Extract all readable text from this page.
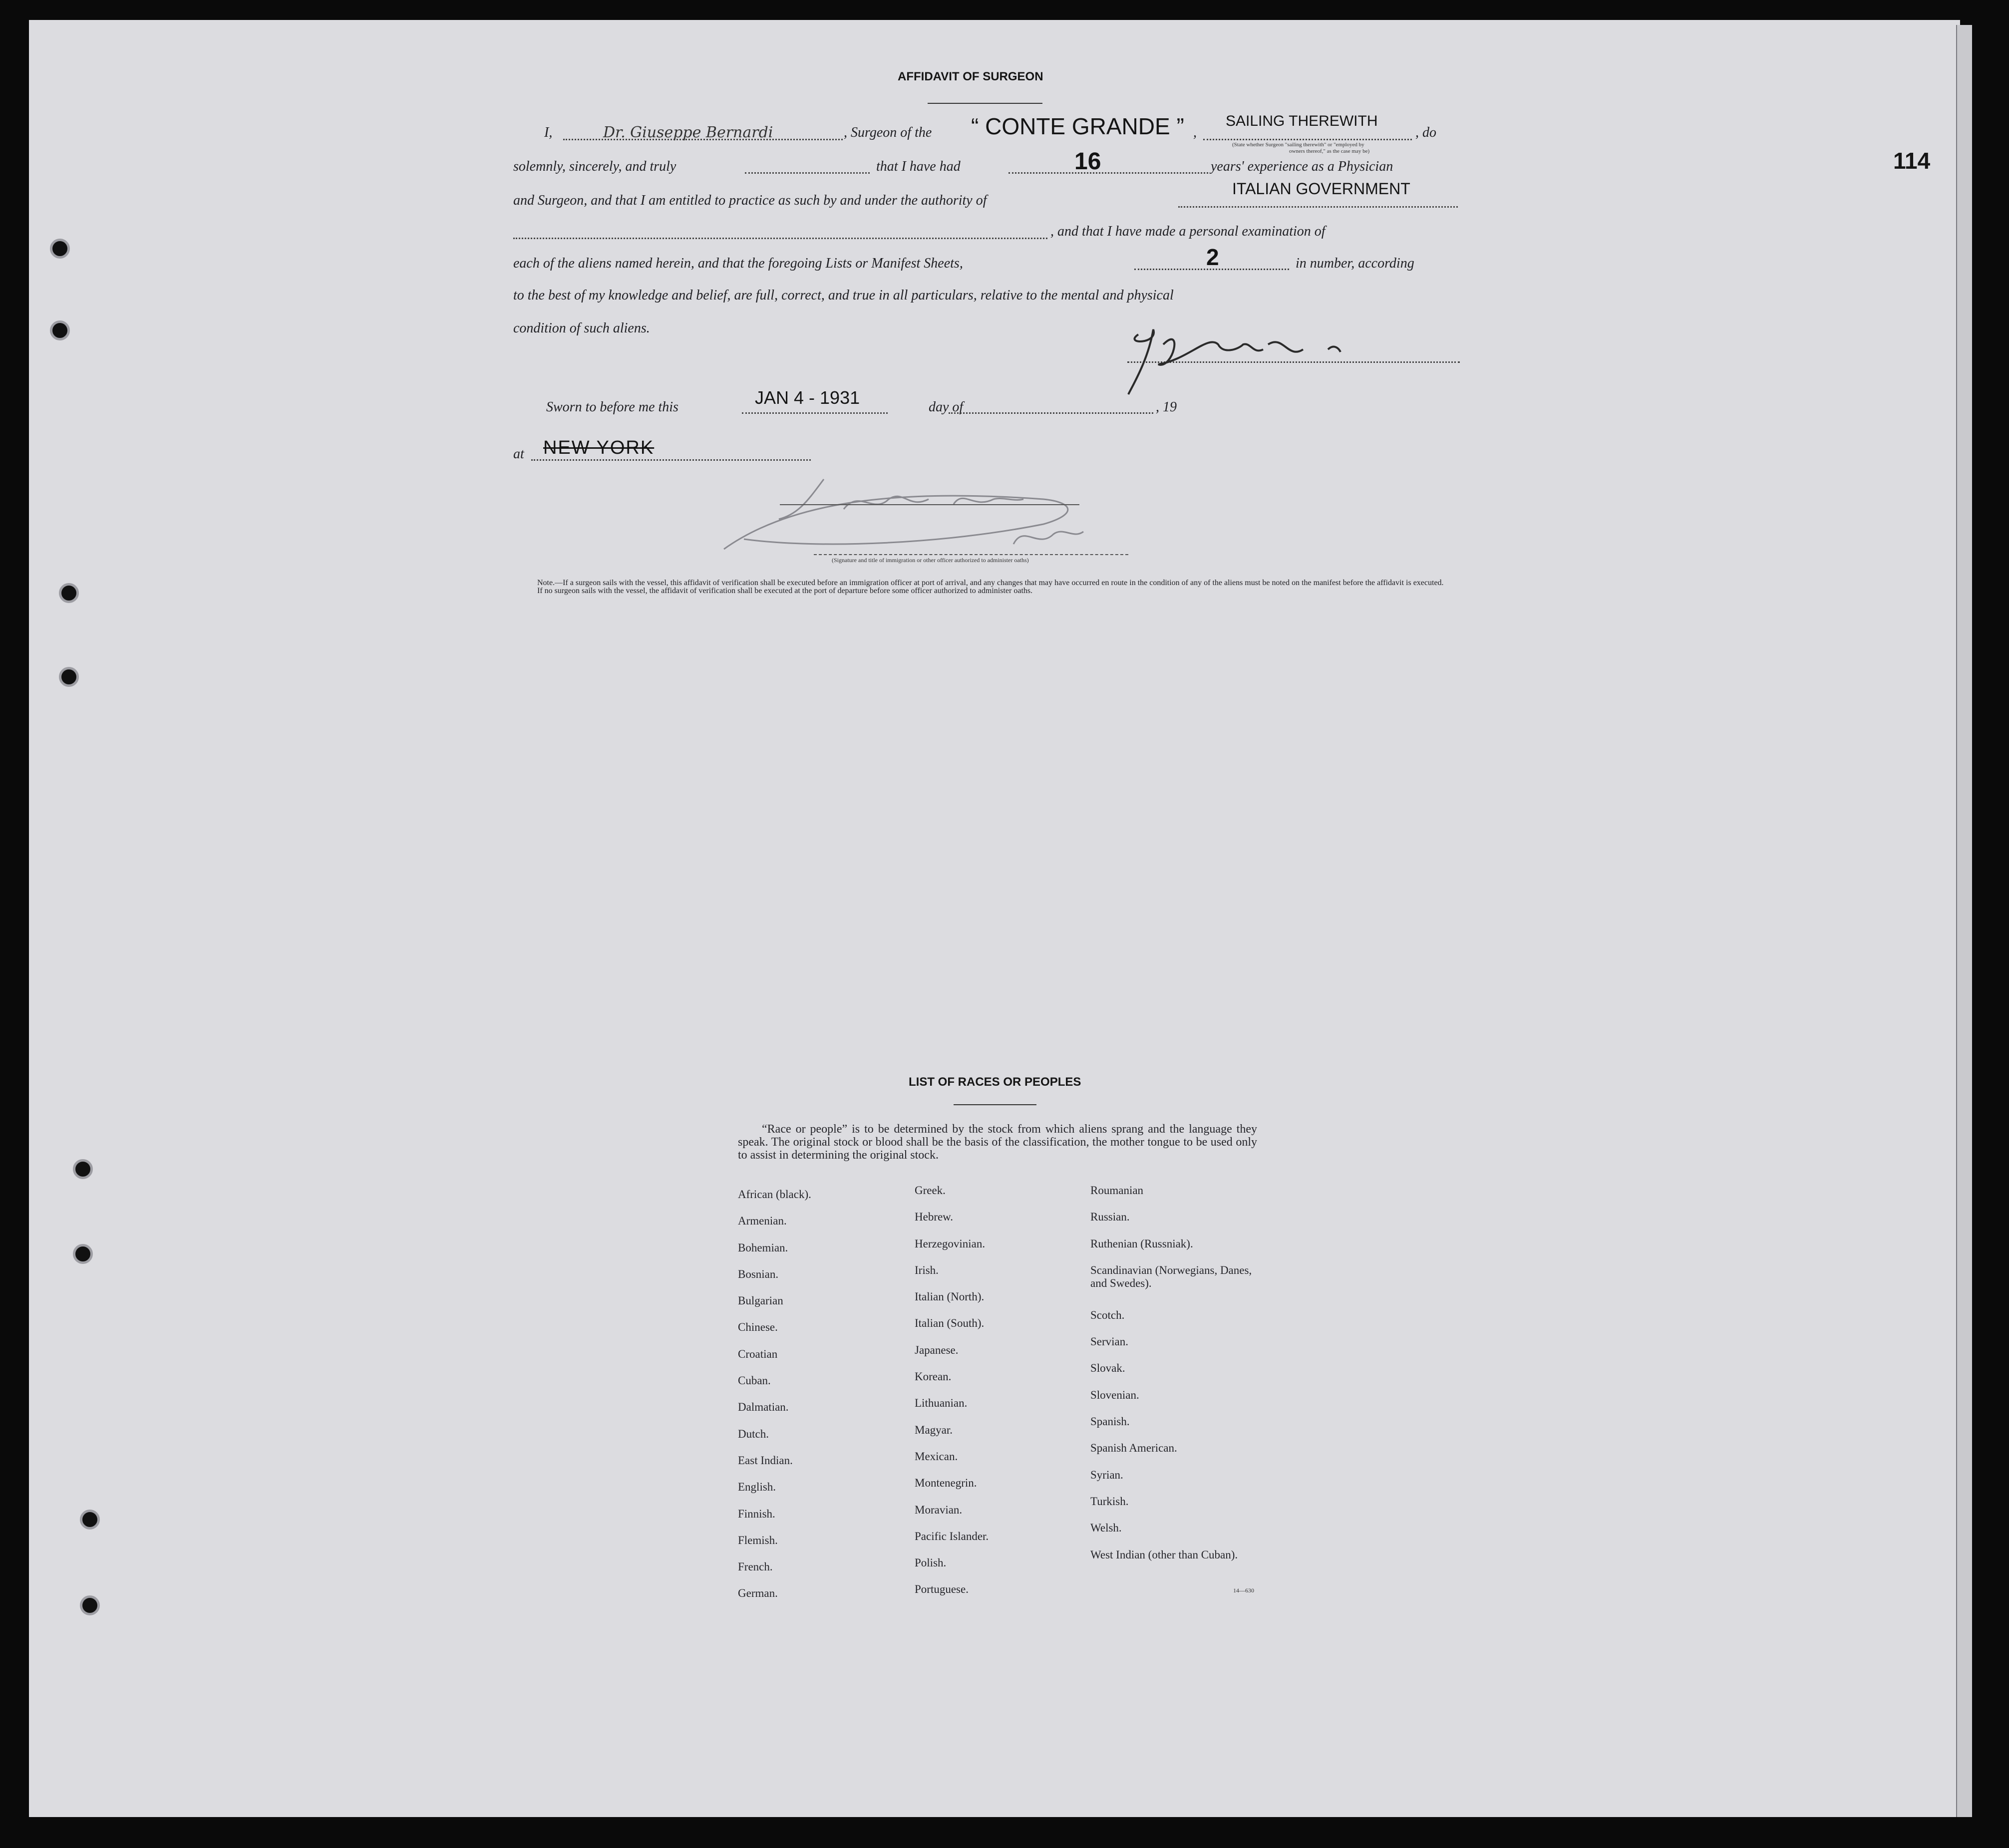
114
AFFIDAVIT OF SURGEON
I,	Dr. Giuseppe Bernardi	, Surgeon of the “ CONTE GRANDE ” ,
SAILING THEREWITH
, do
(State whether Surgeon "sailing therewith" or "employed by
owners thereof," as the case may be)
solemnly, sincerely, and truly	that I have had	16	years' experience as a Physician
and Surgeon, and that I am entitled to practice as such by and under the authority of
ITALIAN GOVERNMENT
, and that I have made a personal examination of
each of the aliens named herein, and that the foregoing Lists or Manifest Sheets,	2	in number, according
to the best of my knowledge and belief, are full, correct, and true in all particulars, relative to the mental and physical
condition of such aliens.
Sworn to before me this	JAN 4 - 1931	day of	, 19
at NEW YORK
(Signature and title of immigration or other officer authorized to administer oaths)

Note.—If a surgeon sails with the vessel, this affidavit of verification shall be executed before an immigration officer at port of arrival, and any changes that may have occurred en route in the condition of any of the aliens must be noted on the manifest before the affidavit is executed.

If no surgeon sails with the vessel, the affidavit of verification shall be executed at the port of departure before some officer authorized to administer oaths.

LIST OF RACES OR PEOPLES
“Race or people” is to be determined by the stock from which aliens sprang and the language they speak. The original stock or blood shall be the basis of the classification, the mother tongue to be used only to assist in determining the original stock.
African (black).
Armenian.
Bohemian.
Bosnian.
Bulgarian
Chinese.
Croatian
Cuban.
Dalmatian.
Dutch.
East Indian.
English.
Finnish.
Flemish.
French.
German.
Greek.
Hebrew.
Herzegovinian.
Irish.
Italian (North).
Italian (South).
Japanese.
Korean.
Lithuanian.
Magyar.
Mexican.
Montenegrin.
Moravian.
Pacific Islander.
Polish.
Portuguese.
Roumanian
Russian.
Ruthenian (Russniak).
Scandinavian (Norwegians, Danes, and Swedes).
Scotch.
Servian.
Slovak.
Slovenian.
Spanish.
Spanish American.
Syrian.
Turkish.
Welsh.
West Indian (other than Cuban).
14—630
